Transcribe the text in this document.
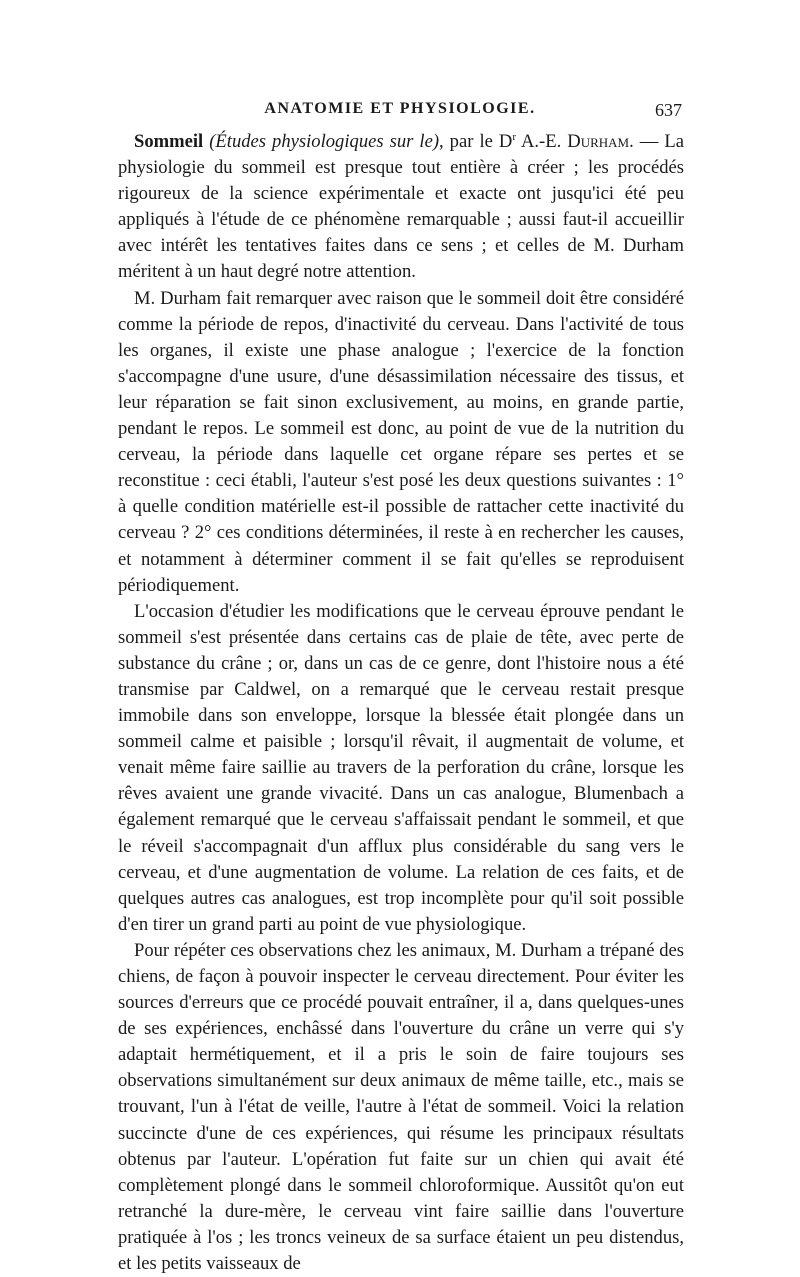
ANATOMIE ET PHYSIOLOGIE.	637

Sommeil (Études physiologiques sur le), par le $D^r$ A.-E. Durham. — La physiologie du sommeil est presque tout entière à créer ; les procédés rigoureux de la science expérimentale et exacte ont jusqu'ici été peu appliqués à l'étude de ce phénomène remarquable ; aussi faut-il accueillir avec intérêt les tentatives faites dans ce sens ; et celles de M. Durham méritent à un haut degré notre attention.

M. Durham fait remarquer avec raison que le sommeil doit être considéré comme la période de repos, d'inactivité du cerveau. Dans l'activité de tous les organes, il existe une phase analogue ; l'exercice de la fonction s'accompagne d'une usure, d'une désassimilation nécessaire des tissus, et leur réparation se fait sinon exclusivement, au moins, en grande partie, pendant le repos. Le sommeil est donc, au point de vue de la nutrition du cerveau, la période dans laquelle cet organe répare ses pertes et se reconstitue : ceci établi, l'auteur s'est posé les deux questions suivantes : 1° à quelle condition matérielle est-il possible de rattacher cette inactivité du cerveau ? 2° ces conditions déterminées, il reste à en rechercher les causes, et notamment à déterminer comment il se fait qu'elles se reproduisent périodiquement.

L'occasion d'étudier les modifications que le cerveau éprouve pendant le sommeil s'est présentée dans certains cas de plaie de tête, avec perte de substance du crâne ; or, dans un cas de ce genre, dont l'histoire nous a été transmise par Caldwel, on a remarqué que le cerveau restait presque immobile dans son enveloppe, lorsque la blessée était plongée dans un sommeil calme et paisible ; lorsqu'il rêvait, il augmentait de volume, et venait même faire saillie au travers de la perforation du crâne, lorsque les rêves avaient une grande vivacité. Dans un cas analogue, Blumenbach a également remarqué que le cerveau s'affaissait pendant le sommeil, et que le réveil s'accompagnait d'un afflux plus considérable du sang vers le cerveau, et d'une augmentation de volume. La relation de ces faits, et de quelques autres cas analogues, est trop incomplète pour qu'il soit possible d'en tirer un grand parti au point de vue physiologique.

Pour répéter ces observations chez les animaux, M. Durham a trépané des chiens, de façon à pouvoir inspecter le cerveau directement. Pour éviter les sources d'erreurs que ce procédé pouvait entraîner, il a, dans quelques-unes de ses expériences, enchâssé dans l'ouverture du crâne un verre qui s'y adaptait hermétiquement, et il a pris le soin de faire toujours ses observations simultanément sur deux animaux de même taille, etc., mais se trouvant, l'un à l'état de veille, l'autre à l'état de sommeil. Voici la relation succincte d'une de ces expériences, qui résume les principaux résultats obtenus par l'auteur. L'opération fut faite sur un chien qui avait été complètement plongé dans le sommeil chloroformique. Aussitôt qu'on eut retranché la dure-mère, le cerveau vint faire saillie dans l'ouverture pratiquée à l'os ; les troncs veineux de sa surface étaient un peu distendus, et les petits vaisseaux de
